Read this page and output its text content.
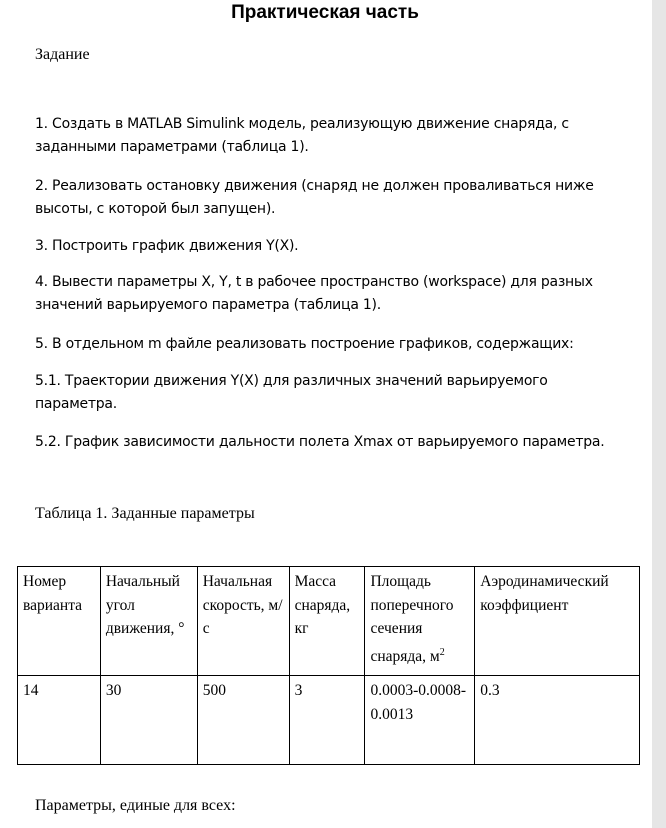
Практическая часть
Задание

1. Создать в MATLAB Simulink модель, реализующую движение снаряда, с заданными параметрами (таблица 1).

2. Реализовать остановку движения (снаряд не должен проваливаться ниже высоты, с которой был запущен).

3. Построить график движения Y(X).

4. Вывести параметры X, Y, t в рабочее пространство (workspace) для разных значений варьируемого параметра (таблица 1).

5. В отдельном m файле реализовать построение графиков, содержащих:

5.1. Траектории движения Y(X) для различных значений варьируемого параметра.

5.2. График зависимости дальности полета Xmax от варьируемого параметра.

Таблица 1. Заданные параметры
Номер варианта	Начальный угол движения, °	Начальная скорость, м/с	Масса снаряда, кг	Площадь поперечного сечения снаряда, $м^2$	Аэродинамический коэффициент
14	30	500	3	0.0003-0.0008-0.0013	0.3
Параметры, единые для всех:
